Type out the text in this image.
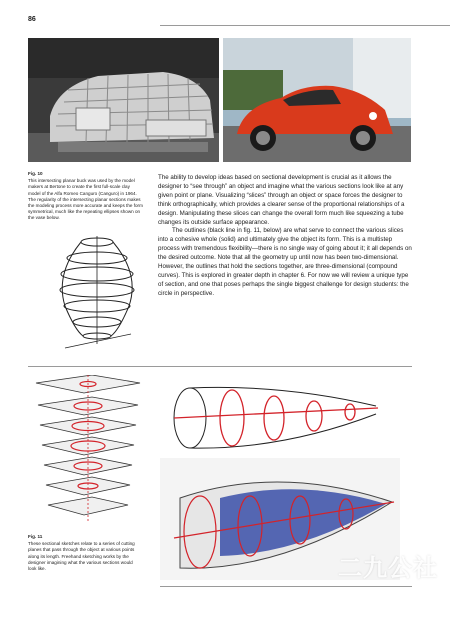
86
Fig. 10
This intersecting planar buck was used by the model makers at Bertone to create the first full-scale clay model of the Alfa Romeo Canguro (Canguro) in 1964. The regularity of the intersecting planar sections makes the modeling process more accurate and keeps the form symmetrical, much like the repeating ellipses shown on the vase below.

The ability to develop ideas based on sectional development is crucial as it allows the designer to “see through” an object and imagine what the various sections look like at any given point or plane. Visualizing “slices” through an object or space forces the designer to think orthographically, which provides a clearer sense of the proportional relationships of a design. Manipulating these slices can change the overall form much like squeezing a tube changes its outside surface appearance.

The outlines (black line in fig. 11, below) are what serve to connect the various slices into a cohesive whole (solid) and ultimately give the object its form. This is a multistep process with tremendous flexibility—there is no single way of going about it; it all depends on the desired outcome. Note that all the geometry up until now has been two-dimensional. However, the outlines that hold the sections together, are three-dimensional (compound curves). This is explored in greater depth in chapter 6. For now we will review a unique type of section, and one that poses perhaps the single biggest challenge for design students: the circle in perspective.

Fig. 11
These sectional sketches relate to a series of cutting planes that pass through the object at various points along its length. Freehand sketching works by the designer imagining what the various sections would look like.	二九公社
